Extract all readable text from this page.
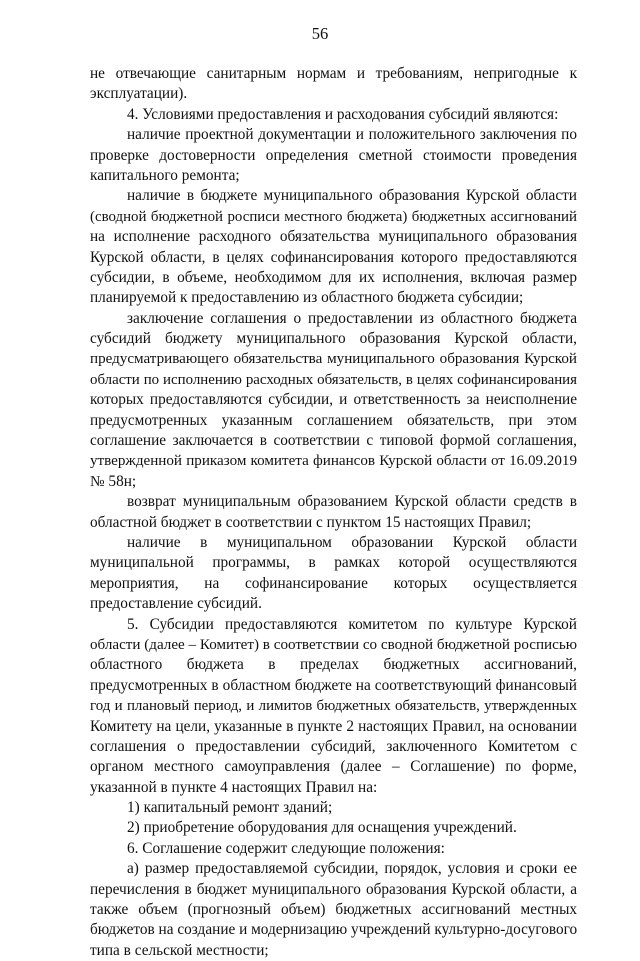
56
не отвечающие санитарным нормам и требованиям, непригодные к
эксплуатации).
4. Условиями предоставления и расходования субсидий являются:
наличие проектной документации и положительного заключения по
проверке достоверности определения сметной стоимости проведения
капитального ремонта;
наличие в бюджете муниципального образования Курской области
(сводной бюджетной росписи местного бюджета) бюджетных ассигнований
на исполнение расходного обязательства муниципального образования
Курской области, в целях софинансирования которого предоставляются
субсидии, в объеме, необходимом для их исполнения, включая размер
планируемой к предоставлению из областного бюджета субсидии;
заключение соглашения о предоставлении из областного бюджета
субсидий бюджету муниципального образования Курской области,
предусматривающего обязательства муниципального образования Курской
области по исполнению расходных обязательств, в целях софинансирования
которых предоставляются субсидии, и ответственность за неисполнение
предусмотренных указанным соглашением обязательств, при этом
соглашение заключается в соответствии с типовой формой соглашения,
утвержденной приказом комитета финансов Курской области от 16.09.2019
№ 58н;
возврат муниципальным образованием Курской области средств в
областной бюджет в соответствии с пунктом 15 настоящих Правил;
наличие в муниципальном образовании Курской области
муниципальной программы, в рамках которой осуществляются
мероприятия, на софинансирование которых осуществляется
предоставление субсидий.
5. Субсидии предоставляются комитетом по культуре Курской
области (далее – Комитет) в соответствии со сводной бюджетной росписью
областного бюджета в пределах бюджетных ассигнований,
предусмотренных в областном бюджете на соответствующий финансовый
год и плановый период, и лимитов бюджетных обязательств, утвержденных
Комитету на цели, указанные в пункте 2 настоящих Правил, на основании
соглашения о предоставлении субсидий, заключенного Комитетом с
органом местного самоуправления (далее – Соглашение) по форме,
указанной в пункте 4 настоящих Правил на:
1) капитальный ремонт зданий;
2) приобретение оборудования для оснащения учреждений.
6. Соглашение содержит следующие положения:
а) размер предоставляемой субсидии, порядок, условия и сроки ее
перечисления в бюджет муниципального образования Курской области, а
также объем (прогнозный объем) бюджетных ассигнований местных
бюджетов на создание и модернизацию учреждений культурно-досугового
типа в сельской местности;
